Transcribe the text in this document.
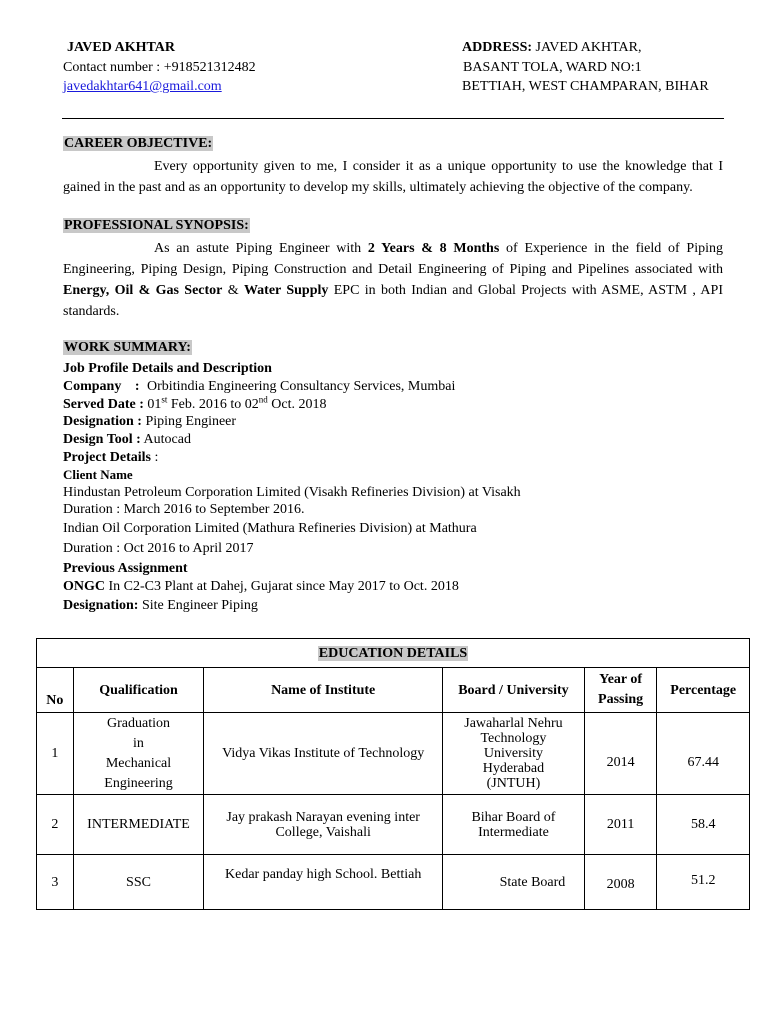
JAVED AKHTAR
Contact number : +918521312482
javedakhtar641@gmail.com
ADDRESS: JAVED AKHTAR,
BASANT TOLA, WARD NO:1
BETTIAH, WEST CHAMPARAN, BIHAR
CAREER OBJECTIVE:
Every opportunity given to me, I consider it as a unique opportunity to use the knowledge that I gained in the past and as an opportunity to develop my skills, ultimately achieving the objective of the company.
PROFESSIONAL SYNOPSIS:
As an astute Piping Engineer with 2 Years & 8 Months of Experience in the field of Piping Engineering, Piping Design, Piping Construction and Detail Engineering of Piping and Pipelines associated with Energy, Oil & Gas Sector & Water Supply EPC in both Indian and Global Projects with ASME, ASTM , API standards.
WORK SUMMARY:
Job Profile Details and Description
Company : Orbitindia Engineering Consultancy Services, Mumbai
Served Date : 01st Feb. 2016 to 02nd Oct. 2018
Designation : Piping Engineer
Design Tool : Autocad
Project Details :
Client Name
Hindustan Petroleum Corporation Limited (Visakh Refineries Division) at Visakh
Duration : March 2016 to September 2016.
Indian Oil Corporation Limited (Mathura Refineries Division) at Mathura
Duration : Oct 2016 to April 2017
Previous Assignment
ONGC In C2-C3 Plant at Dahej, Gujarat since May 2017 to Oct. 2018
Designation: Site Engineer Piping
EDUCATION DETAILS					
No	Qualification	Name of Institute	Board / University	Year of Passing	Percentage
1	Graduation
in
Mechanical
Engineering	Vidya Vikas Institute of Technology	Jawaharlal Nehru
Technology
University
Hyderabad
(JNTUH)	2014	67.44
2	INTERMEDIATE	Jay prakash Narayan evening inter
College, Vaishali	Bihar Board of
Intermediate	2011	58.4
3	SSC	Kedar panday high School. Bettiah	State Board	2008	51.2
